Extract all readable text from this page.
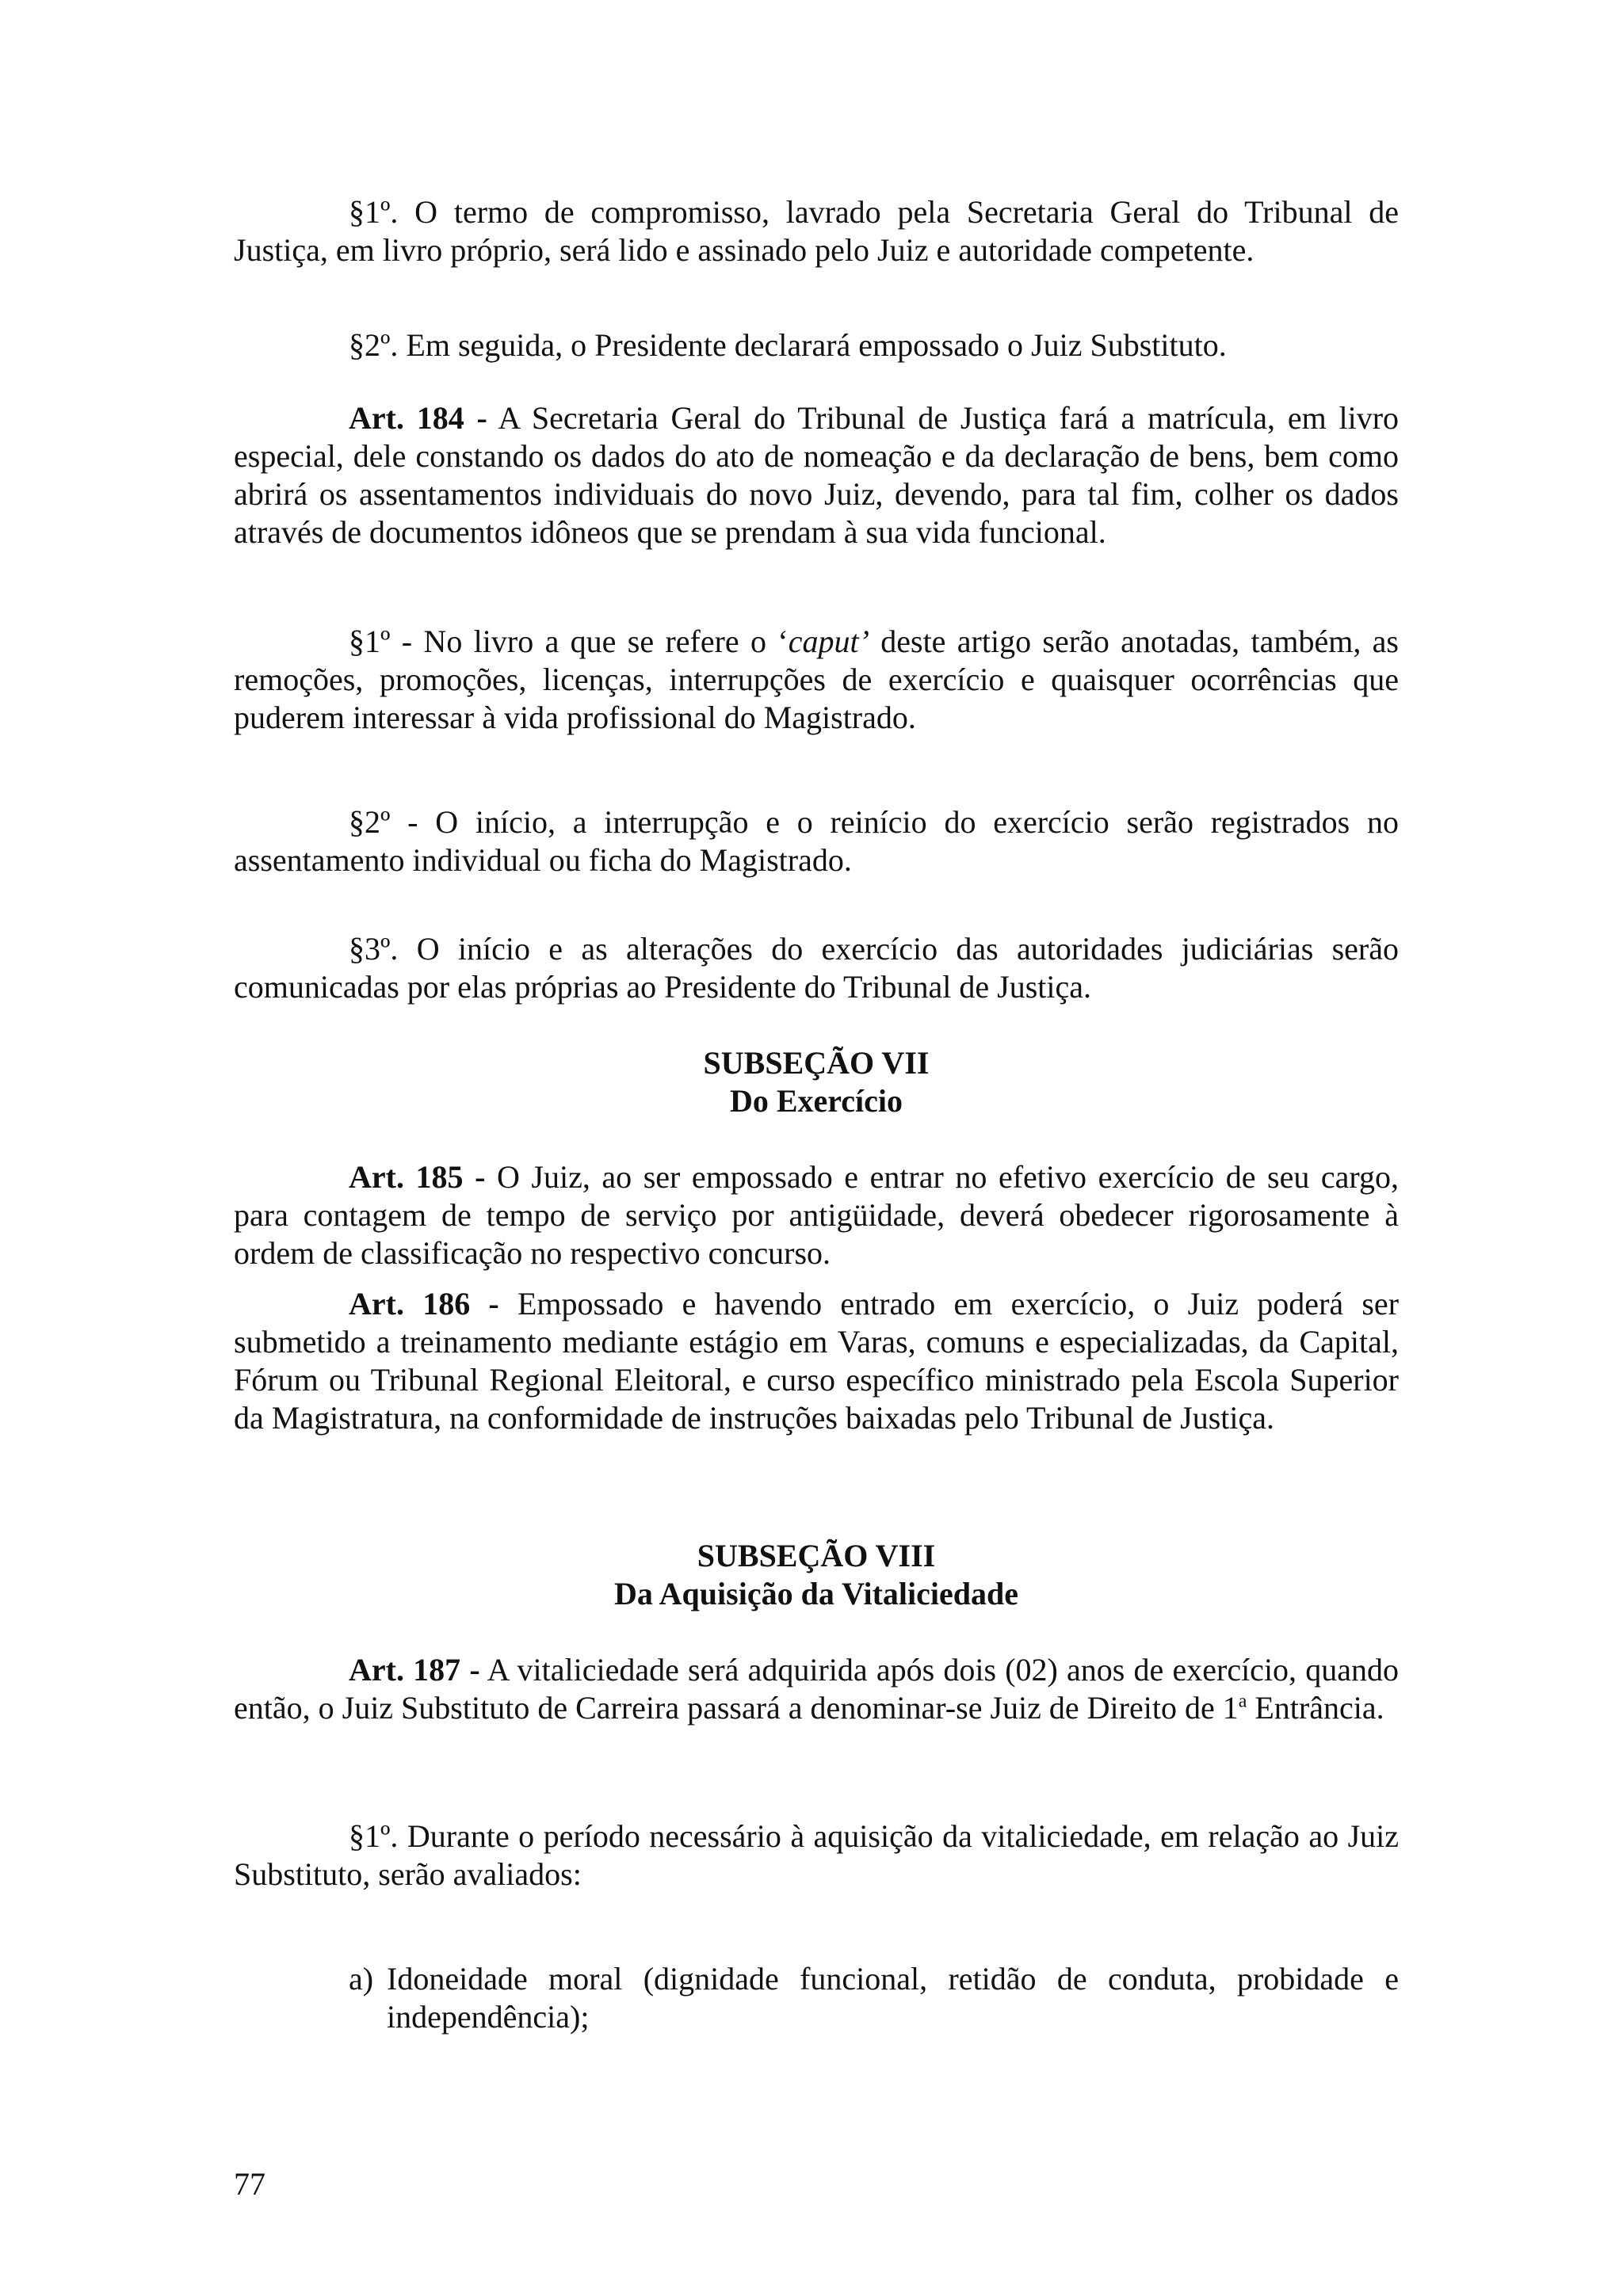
§1º. O termo de compromisso, lavrado pela Secretaria Geral do Tribunal de Justiça, em livro próprio, será lido e assinado pelo Juiz e autoridade competente.

§2º. Em seguida, o Presidente declarará empossado o Juiz Substituto.

Art. 184 - A Secretaria Geral do Tribunal de Justiça fará a matrícula, em livro especial, dele constando os dados do ato de nomeação e da declaração de bens, bem como abrirá os assentamentos individuais do novo Juiz, devendo, para tal fim, colher os dados através de documentos idôneos que se prendam à sua vida funcional.

§1º - No livro a que se refere o ‘caput’ deste artigo serão anotadas, também, as remoções, promoções, licenças, interrupções de exercício e quaisquer ocorrências que puderem interessar à vida profissional do Magistrado.

§2º - O início, a interrupção e o reinício do exercício serão registrados no assentamento individual ou ficha do Magistrado.

§3º. O início e as alterações do exercício das autoridades judiciárias serão comunicadas por elas próprias ao Presidente do Tribunal de Justiça.

SUBSEÇÃO VII
Do Exercício

Art. 185 - O Juiz, ao ser empossado e entrar no efetivo exercício de seu cargo, para contagem de tempo de serviço por antigüidade, deverá obedecer rigorosamente à ordem de classificação no respectivo concurso.

Art. 186 - Empossado e havendo entrado em exercício, o Juiz poderá ser submetido a treinamento mediante estágio em Varas, comuns e especializadas, da Capital, Fórum ou Tribunal Regional Eleitoral, e curso específico ministrado pela Escola Superior da Magistratura, na conformidade de instruções baixadas pelo Tribunal de Justiça.

SUBSEÇÃO VIII
Da Aquisição da Vitaliciedade

Art. 187 - A vitaliciedade será adquirida após dois (02) anos de exercício, quando então, o Juiz Substituto de Carreira passará a denominar-se Juiz de Direito de 1$^a$ Entrância.

§1º. Durante o período necessário à aquisição da vitaliciedade, em relação ao Juiz Substituto, serão avaliados:

a) Idoneidade moral (dignidade funcional, retidão de conduta, probidade e independência);
77
